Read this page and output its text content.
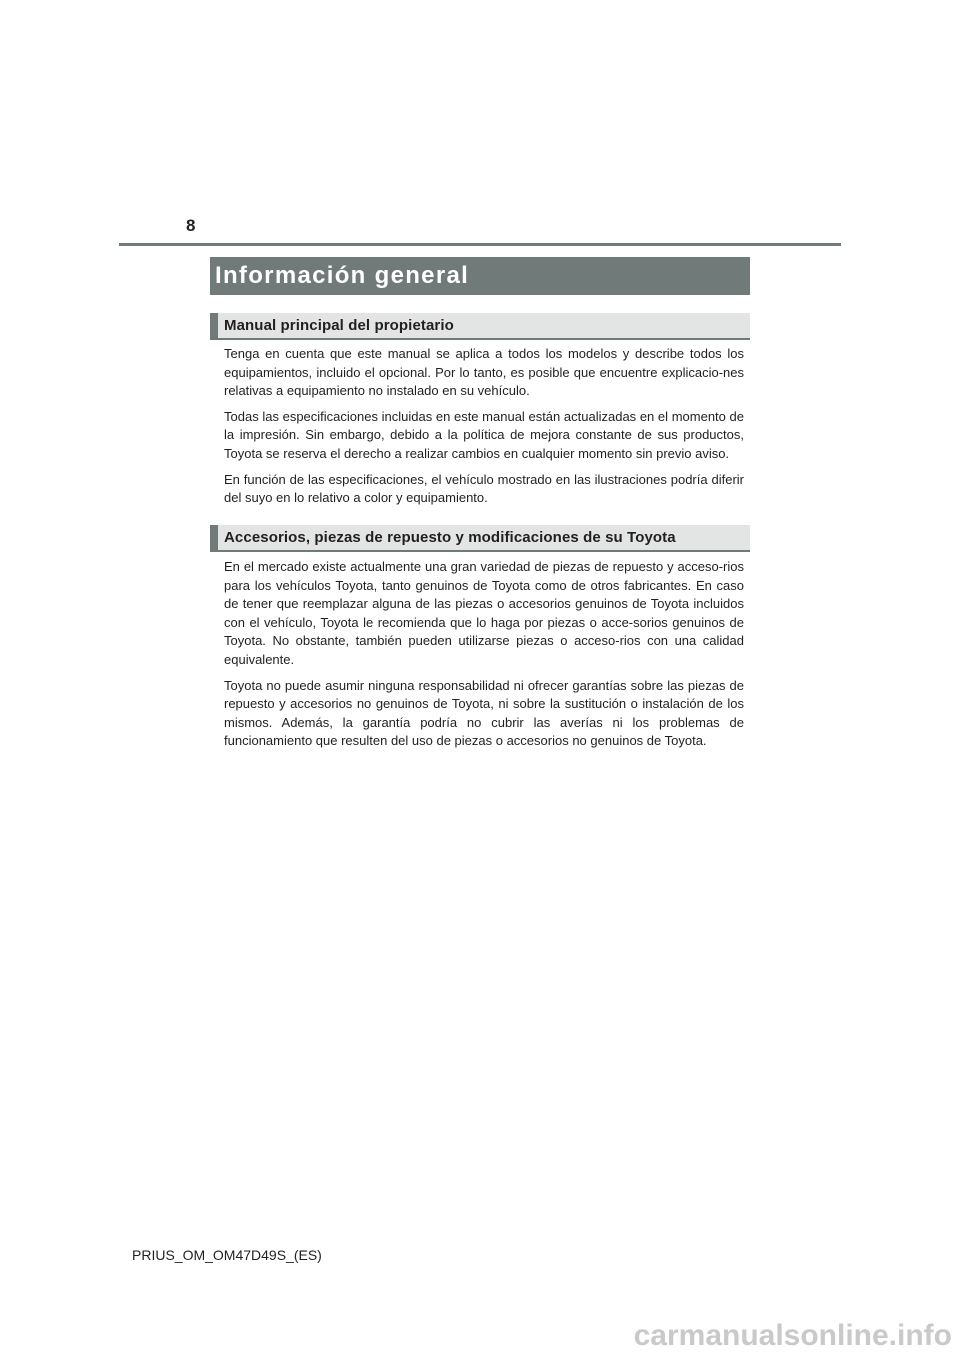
8
Información general
Manual principal del propietario

Tenga en cuenta que este manual se aplica a todos los modelos y describe todos los equipamientos, incluido el opcional. Por lo tanto, es posible que encuentre explicacio-nes relativas a equipamiento no instalado en su vehículo.

Todas las especificaciones incluidas en este manual están actualizadas en el momento de la impresión. Sin embargo, debido a la política de mejora constante de sus productos, Toyota se reserva el derecho a realizar cambios en cualquier momento sin previo aviso.

En función de las especificaciones, el vehículo mostrado en las ilustraciones podría diferir del suyo en lo relativo a color y equipamiento.

Accesorios, piezas de repuesto y modificaciones de su Toyota

En el mercado existe actualmente una gran variedad de piezas de repuesto y acceso-rios para los vehículos Toyota, tanto genuinos de Toyota como de otros fabricantes. En caso de tener que reemplazar alguna de las piezas o accesorios genuinos de Toyota incluidos con el vehículo, Toyota le recomienda que lo haga por piezas o acce-sorios genuinos de Toyota. No obstante, también pueden utilizarse piezas o acceso-rios con una calidad equivalente.

Toyota no puede asumir ninguna responsabilidad ni ofrecer garantías sobre las piezas de repuesto y accesorios no genuinos de Toyota, ni sobre la sustitución o instalación de los mismos. Además, la garantía podría no cubrir las averías ni los problemas de funcionamiento que resulten del uso de piezas o accesorios no genuinos de Toyota.

PRIUS_OM_OM47D49S_(ES)
carmanualsonline.info
